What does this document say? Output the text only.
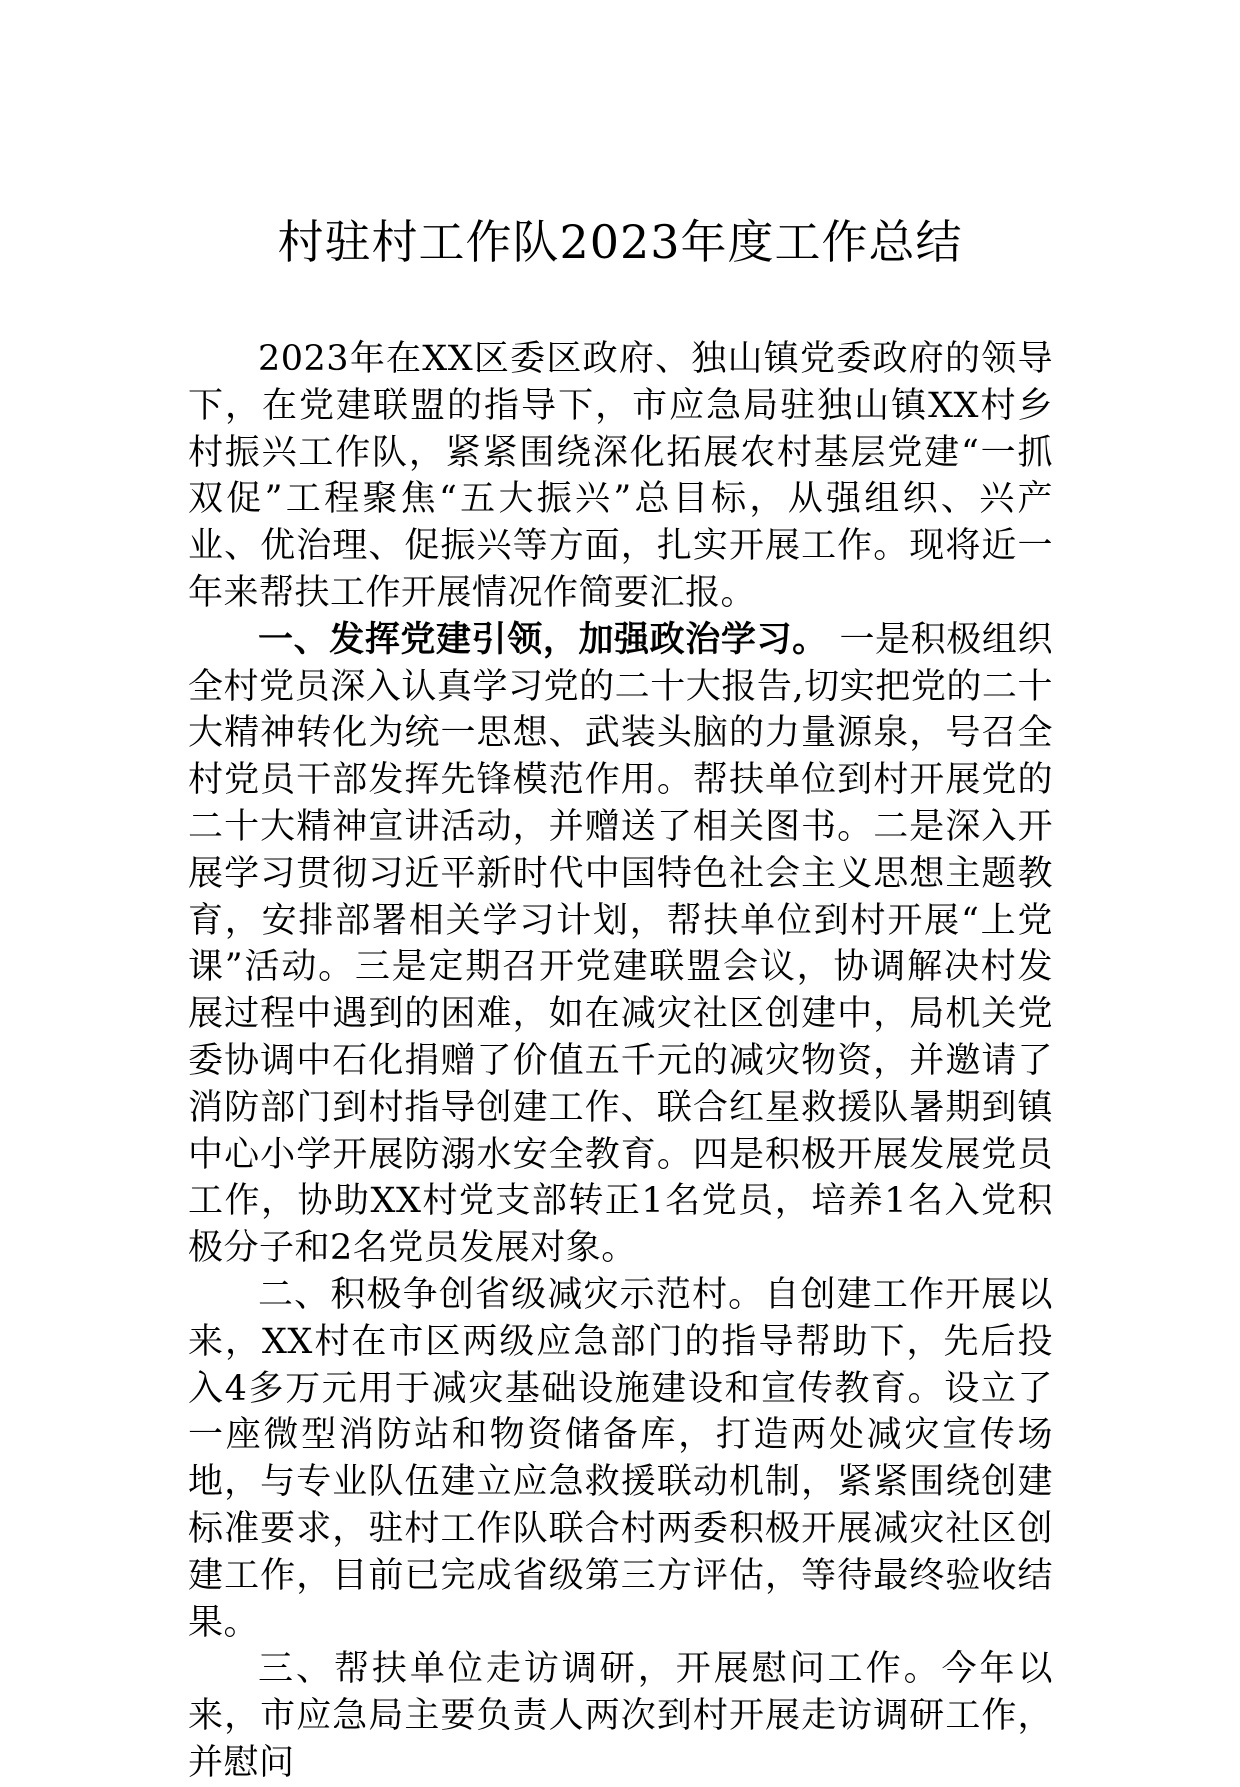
村驻村工作队2023年度工作总结

2023年在XX区委区政府、独山镇党委政府的领导下，在党建联盟的指导下，市应急局驻独山镇XX村乡村振兴工作队，紧紧围绕深化拓展农村基层党建“一抓双促”工程聚焦“五大振兴”总目标，从强组织、兴产业、优治理、促振兴等方面，扎实开展工作。现将近一年来帮扶工作开展情况作简要汇报。

一、发挥党建引领，加强政治学习。 一是积极组织全村党员深入认真学习党的二十大报告,切实把党的二十大精神转化为统一思想、武装头脑的力量源泉，号召全村党员干部发挥先锋模范作用。帮扶单位到村开展党的二十大精神宣讲活动，并赠送了相关图书。二是深入开展学习贯彻习近平新时代中国特色社会主义思想主题教育，安排部署相关学习计划，帮扶单位到村开展“上党课”活动。三是定期召开党建联盟会议，协调解决村发展过程中遇到的困难，如在减灾社区创建中，局机关党委协调中石化捐赠了价值五千元的减灾物资，并邀请了消防部门到村指导创建工作、联合红星救援队暑期到镇中心小学开展防溺水安全教育。四是积极开展发展党员工作，协助XX村党支部转正1名党员，培养1名入党积极分子和2名党员发展对象。

二、积极争创省级减灾示范村。自创建工作开展以来，XX村在市区两级应急部门的指导帮助下，先后投入4多万元用于减灾基础设施建设和宣传教育。设立了一座微型消防站和物资储备库，打造两处减灾宣传场地，与专业队伍建立应急救援联动机制，紧紧围绕创建标准要求，驻村工作队联合村两委积极开展减灾社区创建工作，目前已完成省级第三方评估，等待最终验收结果。

三、帮扶单位走访调研，开展慰问工作。今年以来，市应急局主要负责人两次到村开展走访调研工作，并慰问
